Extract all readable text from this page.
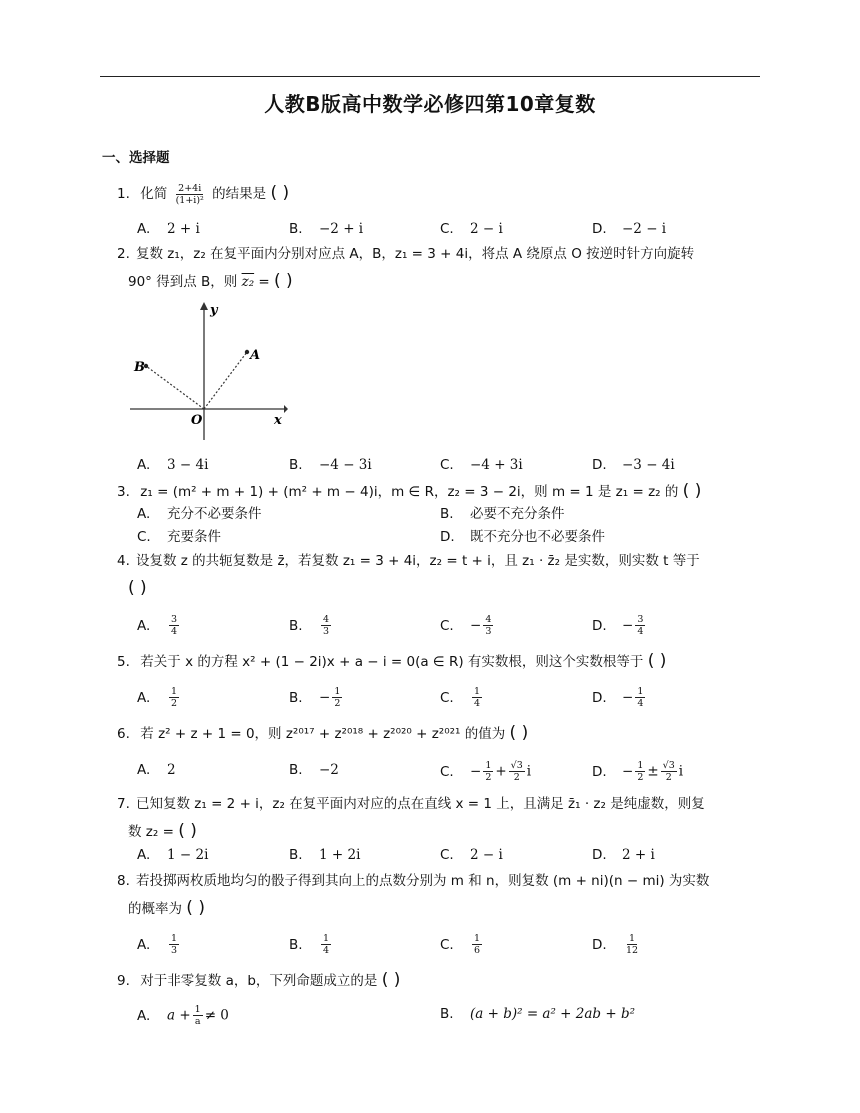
人教B版高中数学必修四第10章复数
一、选择题
1. 化简 $\frac{2+4i}{\text{(1+i)²}}$ 的结果是 ( )
A. 2 + i	B. −2 + i	C. 2 − i	D. −2 − i
2. 复数 z₁，z₂ 在复平面内分别对应点 A，B，z₁ = 3 + 4i，将点 A 绕原点 O 按逆时针方向旋转
90° 得到点 B，则 z₂ = ( )
y
x
O
A
B
A. 3 − 4i	B. −4 − 3i	C. −4 + 3i	D. −3 − 4i
3. z₁ = (m² + m + 1) + (m² + m − 4)i，m ∈ R，z₂ = 3 − 2i，则 m = 1 是 z₁ = z₂ 的 ( )
A. 充分不必要条件	B. 必要不充分条件
C. 充要条件	D. 既不充分也不必要条件
4. 设复数 z 的共轭复数是 z̄，若复数 z₁ = 3 + 4i，z₂ = t + i，且 z₁ · z̄₂ 是实数，则实数 t 等于
( )
A. $\frac{3}{4}$	B. $\frac{4}{3}$	C. − $\frac{4}{3}$	D. − $\frac{3}{4}$
5. 若关于 x 的方程 x² + (1 − 2i)x + a − i = 0(a ∈ R) 有实数根，则这个实数根等于 ( )
A. $\frac{1}{2}$	B. − $\frac{1}{2}$	C. $\frac{1}{4}$	D. − $\frac{1}{4}$
6. 若 z² + z + 1 = 0，则 z²⁰¹⁷ + z²⁰¹⁸ + z²⁰²⁰ + z²⁰²¹ 的值为 ( )
A. 2	B. −2	C. − $\frac{1}{2} + \frac{√3}{2}$ i	D. − $\frac{1}{2} \pm \frac{√3}{2}$ i
7. 已知复数 z₁ = 2 + i，z₂ 在复平面内对应的点在直线 x = 1 上，且满足 z̄₁ · z₂ 是纯虚数，则复
数 z₂ = ( )
A. 1 − 2i	B. 1 + 2i	C. 2 − i	D. 2 + i
8. 若投掷两枚质地均匀的骰子得到其向上的点数分别为 m 和 n，则复数 (m + ni)(n − mi) 为实数
的概率为 ( )
A. $\frac{1}{3}$	B. $\frac{1}{4}$	C. $\frac{1}{6}$	D. $\frac{1}{12}$
9. 对于非零复数 a，b，下列命题成立的是 ( )
A. $a + \frac{1}{a} \ne 0$	B. (a + b)² = a² + 2ab + b²
